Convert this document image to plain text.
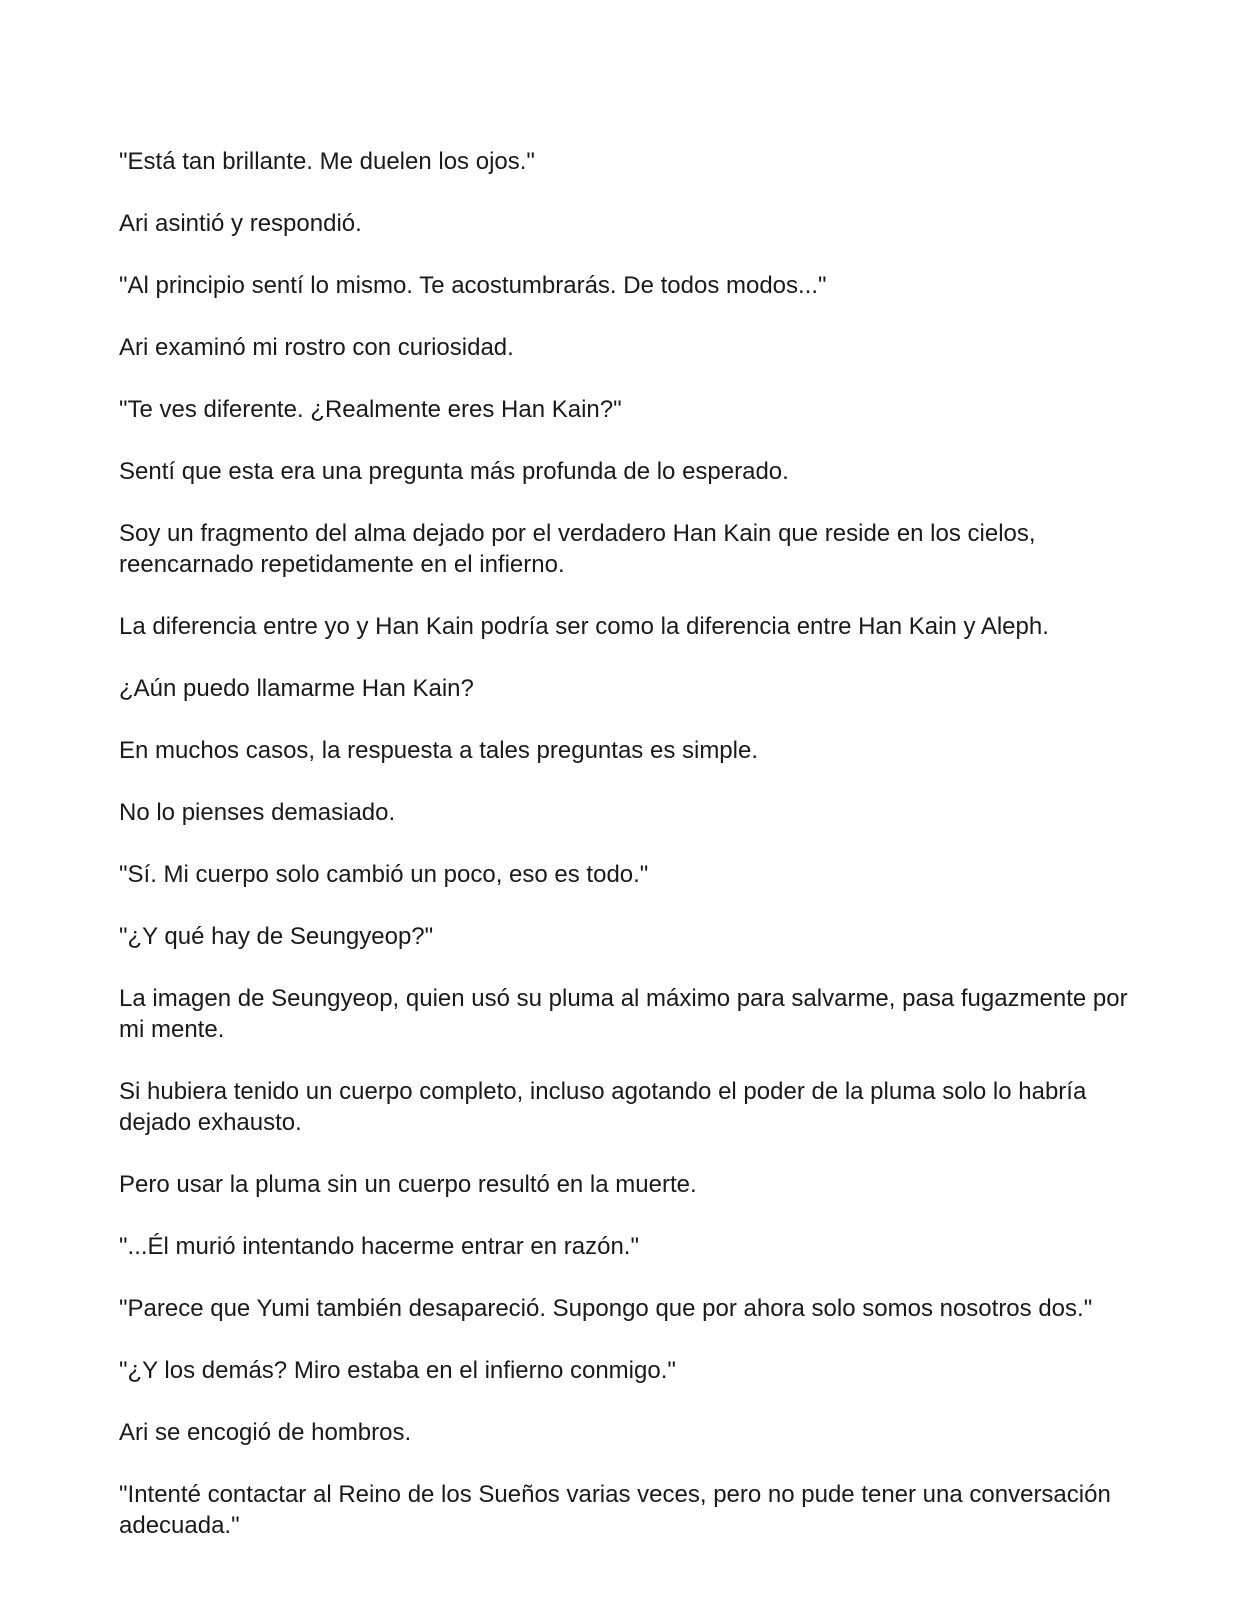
"Está tan brillante. Me duelen los ojos."

Ari asintió y respondió.

"Al principio sentí lo mismo. Te acostumbrarás. De todos modos..."

Ari examinó mi rostro con curiosidad.

"Te ves diferente. ¿Realmente eres Han Kain?"

Sentí que esta era una pregunta más profunda de lo esperado.

Soy un fragmento del alma dejado por el verdadero Han Kain que reside en los cielos, reencarnado repetidamente en el infierno.

La diferencia entre yo y Han Kain podría ser como la diferencia entre Han Kain y Aleph.

¿Aún puedo llamarme Han Kain?

En muchos casos, la respuesta a tales preguntas es simple.

No lo pienses demasiado.

"Sí. Mi cuerpo solo cambió un poco, eso es todo."

"¿Y qué hay de Seungyeop?"

La imagen de Seungyeop, quien usó su pluma al máximo para salvarme, pasa fugazmente por mi mente.

Si hubiera tenido un cuerpo completo, incluso agotando el poder de la pluma solo lo habría dejado exhausto.

Pero usar la pluma sin un cuerpo resultó en la muerte.

"...Él murió intentando hacerme entrar en razón."

"Parece que Yumi también desapareció. Supongo que por ahora solo somos nosotros dos."

"¿Y los demás? Miro estaba en el infierno conmigo."

Ari se encogió de hombros.

"Intenté contactar al Reino de los Sueños varias veces, pero no pude tener una conversación adecuada."
